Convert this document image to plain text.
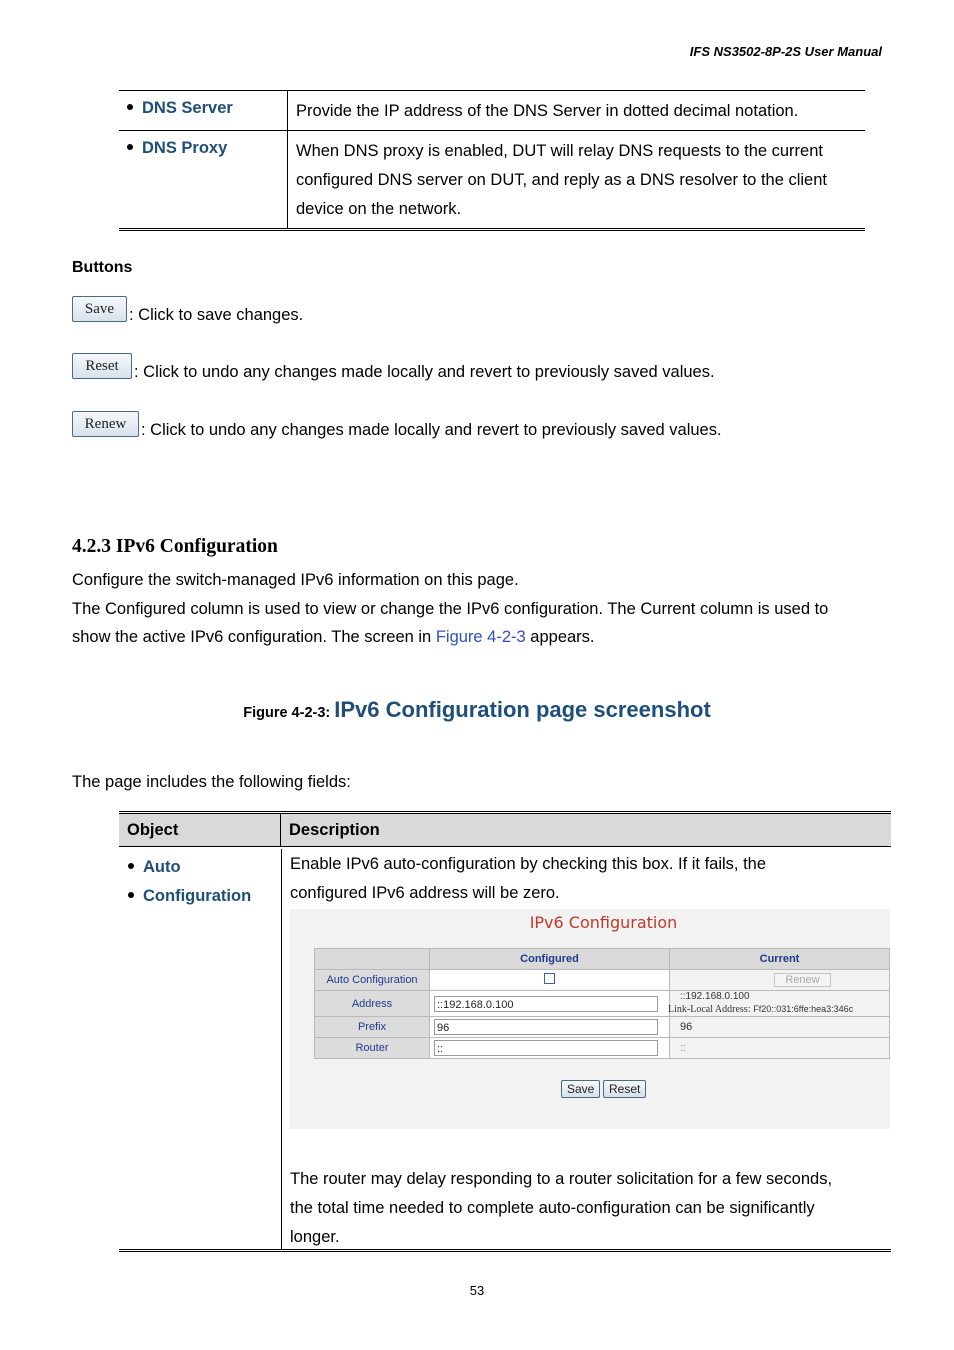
IFS NS3502-8P-2S User Manual
DNS Server	Provide the IP address of the DNS Server in dotted decimal notation.
DNS Proxy	When DNS proxy is enabled, DUT will relay DNS requests to the current configured DNS server on DUT, and reply as a DNS resolver to the client device on the network.
Buttons
Save : Click to save changes.
Reset : Click to undo any changes made locally and revert to previously saved values.
Renew : Click to undo any changes made locally and revert to previously saved values.
4.2.3 IPv6 Configuration
Configure the switch-managed IPv6 information on this page.
The Configured column is used to view or change the IPv6 configuration. The Current column is used to
show the active IPv6 configuration. The screen in Figure 4-2-3 appears.
Figure 4-2-3: IPv6 Configuration page screenshot
The page includes the following fields:
Object	Description
Auto
Configuration
Enable IPv6 auto-configuration by checking this box. If it fails, the
configured IPv6 address will be zero.
The router may delay responding to a router solicitation for a few seconds,
the total time needed to complete auto-configuration can be significantly
longer.
IPv6 Configuration
	Configured	Current
Auto Configuration		Renew
Address	::192.168.0.100	::192.168.0.100
Link-Local Address: Ff20::031:6ffe:hea3:346c

Prefix	96	96
Router	::	::
Save	Reset
53
